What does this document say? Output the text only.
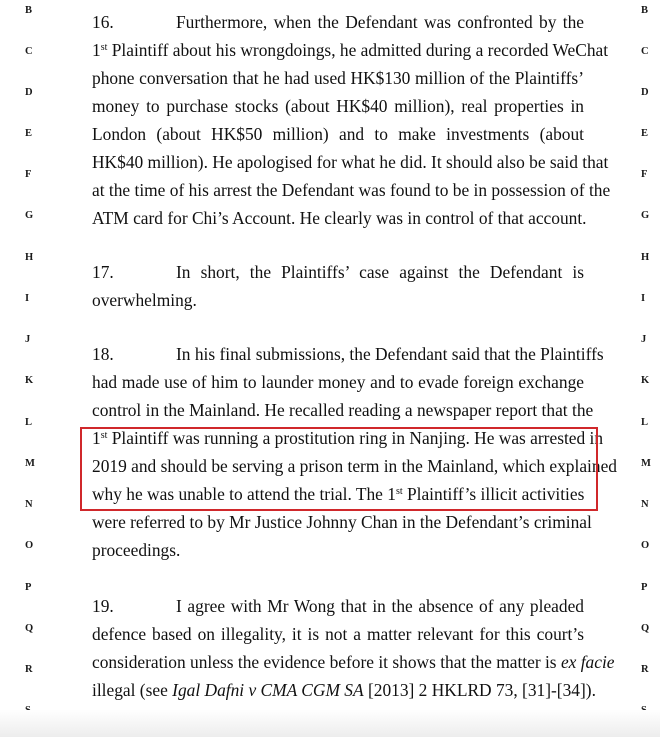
B
C
D
E
F
G
H
I
J
K
L
M
N
O
P
Q
R
B
C
D
E
F
G
H
I
J
K
L
M
N
O
P
Q
R
16.	Furthermore, when the Defendant was confronted by the
1st Plaintiff about his wrongdoings, he admitted during a recorded WeChat
phone conversation that he had used HK$130 million of the Plaintiffs’
money to purchase stocks (about HK$40 million), real properties in
London (about HK$50 million) and to make investments (about
HK$40 million). He apologised for what he did. It should also be said that
at the time of his arrest the Defendant was found to be in possession of the
ATM card for Chi’s Account. He clearly was in control of that account.
17.	In short, the Plaintiffs’ case against the Defendant is
overwhelming.
18.	In his final submissions, the Defendant said that the Plaintiffs
had made use of him to launder money and to evade foreign exchange
control in the Mainland. He recalled reading a newspaper report that the
1st Plaintiff was running a prostitution ring in Nanjing. He was arrested in
2019 and should be serving a prison term in the Mainland, which explained
why he was unable to attend the trial. The 1st Plaintiff’s illicit activities
were referred to by Mr Justice Johnny Chan in the Defendant’s criminal
proceedings.
19.	I agree with Mr Wong that in the absence of any pleaded
defence based on illegality, it is not a matter relevant for this court’s
consideration unless the evidence before it shows that the matter is ex facie
illegal (see Igal Dafni v CMA CGM SA [2013] 2 HKLRD 73, [31]-[34]).
